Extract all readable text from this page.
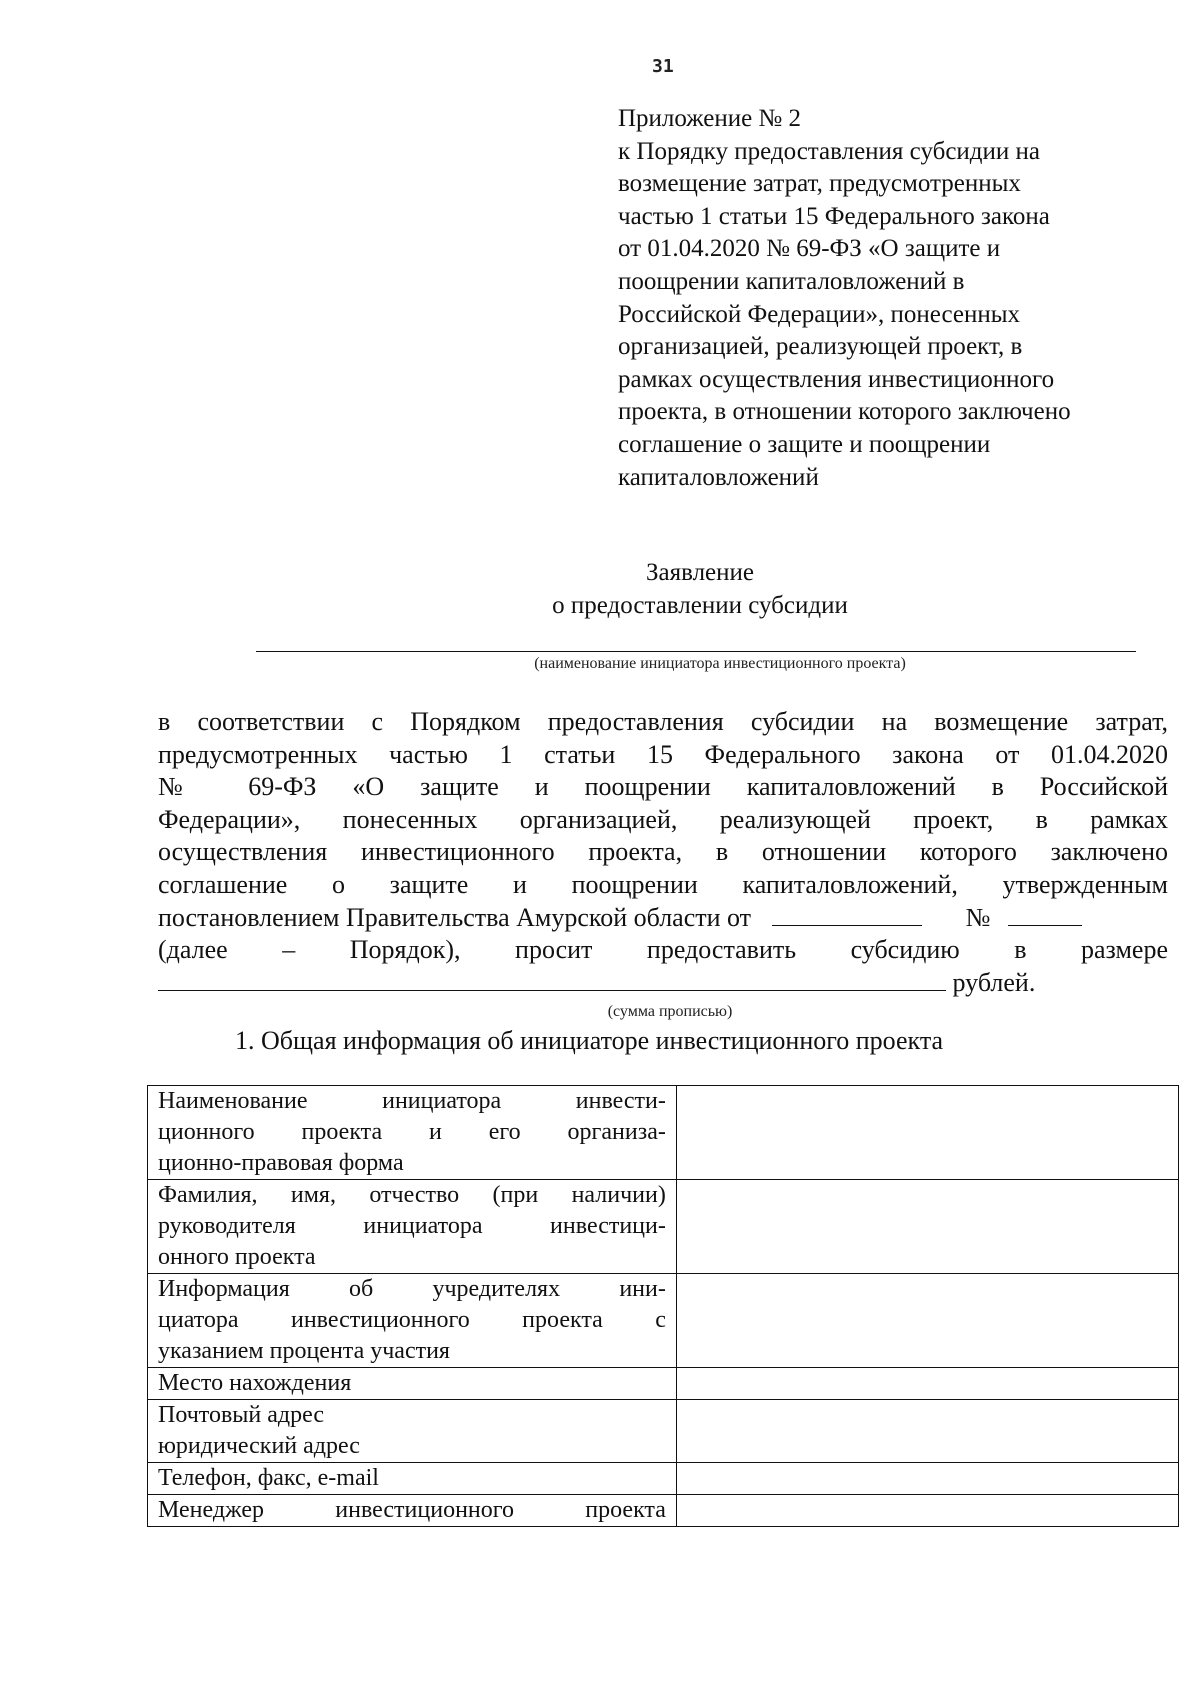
31
Приложение № 2
к Порядку предоставления субсидии на
возмещение затрат, предусмотренных
частью 1 статьи 15 Федерального закона
от 01.04.2020 № 69-ФЗ «О защите и
поощрении капиталовложений в
Российской Федерации», понесенных
организацией, реализующей проект, в
рамках осуществления инвестиционного
проекта, в отношении которого заключено
соглашение о защите и поощрении
капиталовложений
Заявление
о предоставлении субсидии
(наименование инициатора инвестиционного проекта)
в соответствии с Порядком предоставления субсидии на возмещение затрат,
предусмотренных частью 1 статьи 15 Федерального закона от 01.04.2020
№ 69-ФЗ «О защите и поощрении капиталовложений в Российской
Федерации», понесенных организацией, реализующей проект, в рамках
осуществления инвестиционного проекта, в отношении которого заключено
соглашение о защите и поощрении капиталовложений, утвержденным
постановлением Правительства Амурской области от	№
(далее – Порядок), просит предоставить субсидию в размере
рублей.
(сумма прописью)
1. Общая информация об инициаторе инвестиционного проекта
Наименование инициатора инвести-
ционного проекта и его организа-
ционно-правовая форма	

Фамилия, имя, отчество (при наличии)
руководителя инициатора инвестици-
онного проекта	

Информация об учредителях ини-
циатора инвестиционного проекта с
указанием процента участия	

Место нахождения	

Почтовый адрес
юридический адрес	

Телефон, факс, e-mail	

Менеджер инвестиционного проекта	
